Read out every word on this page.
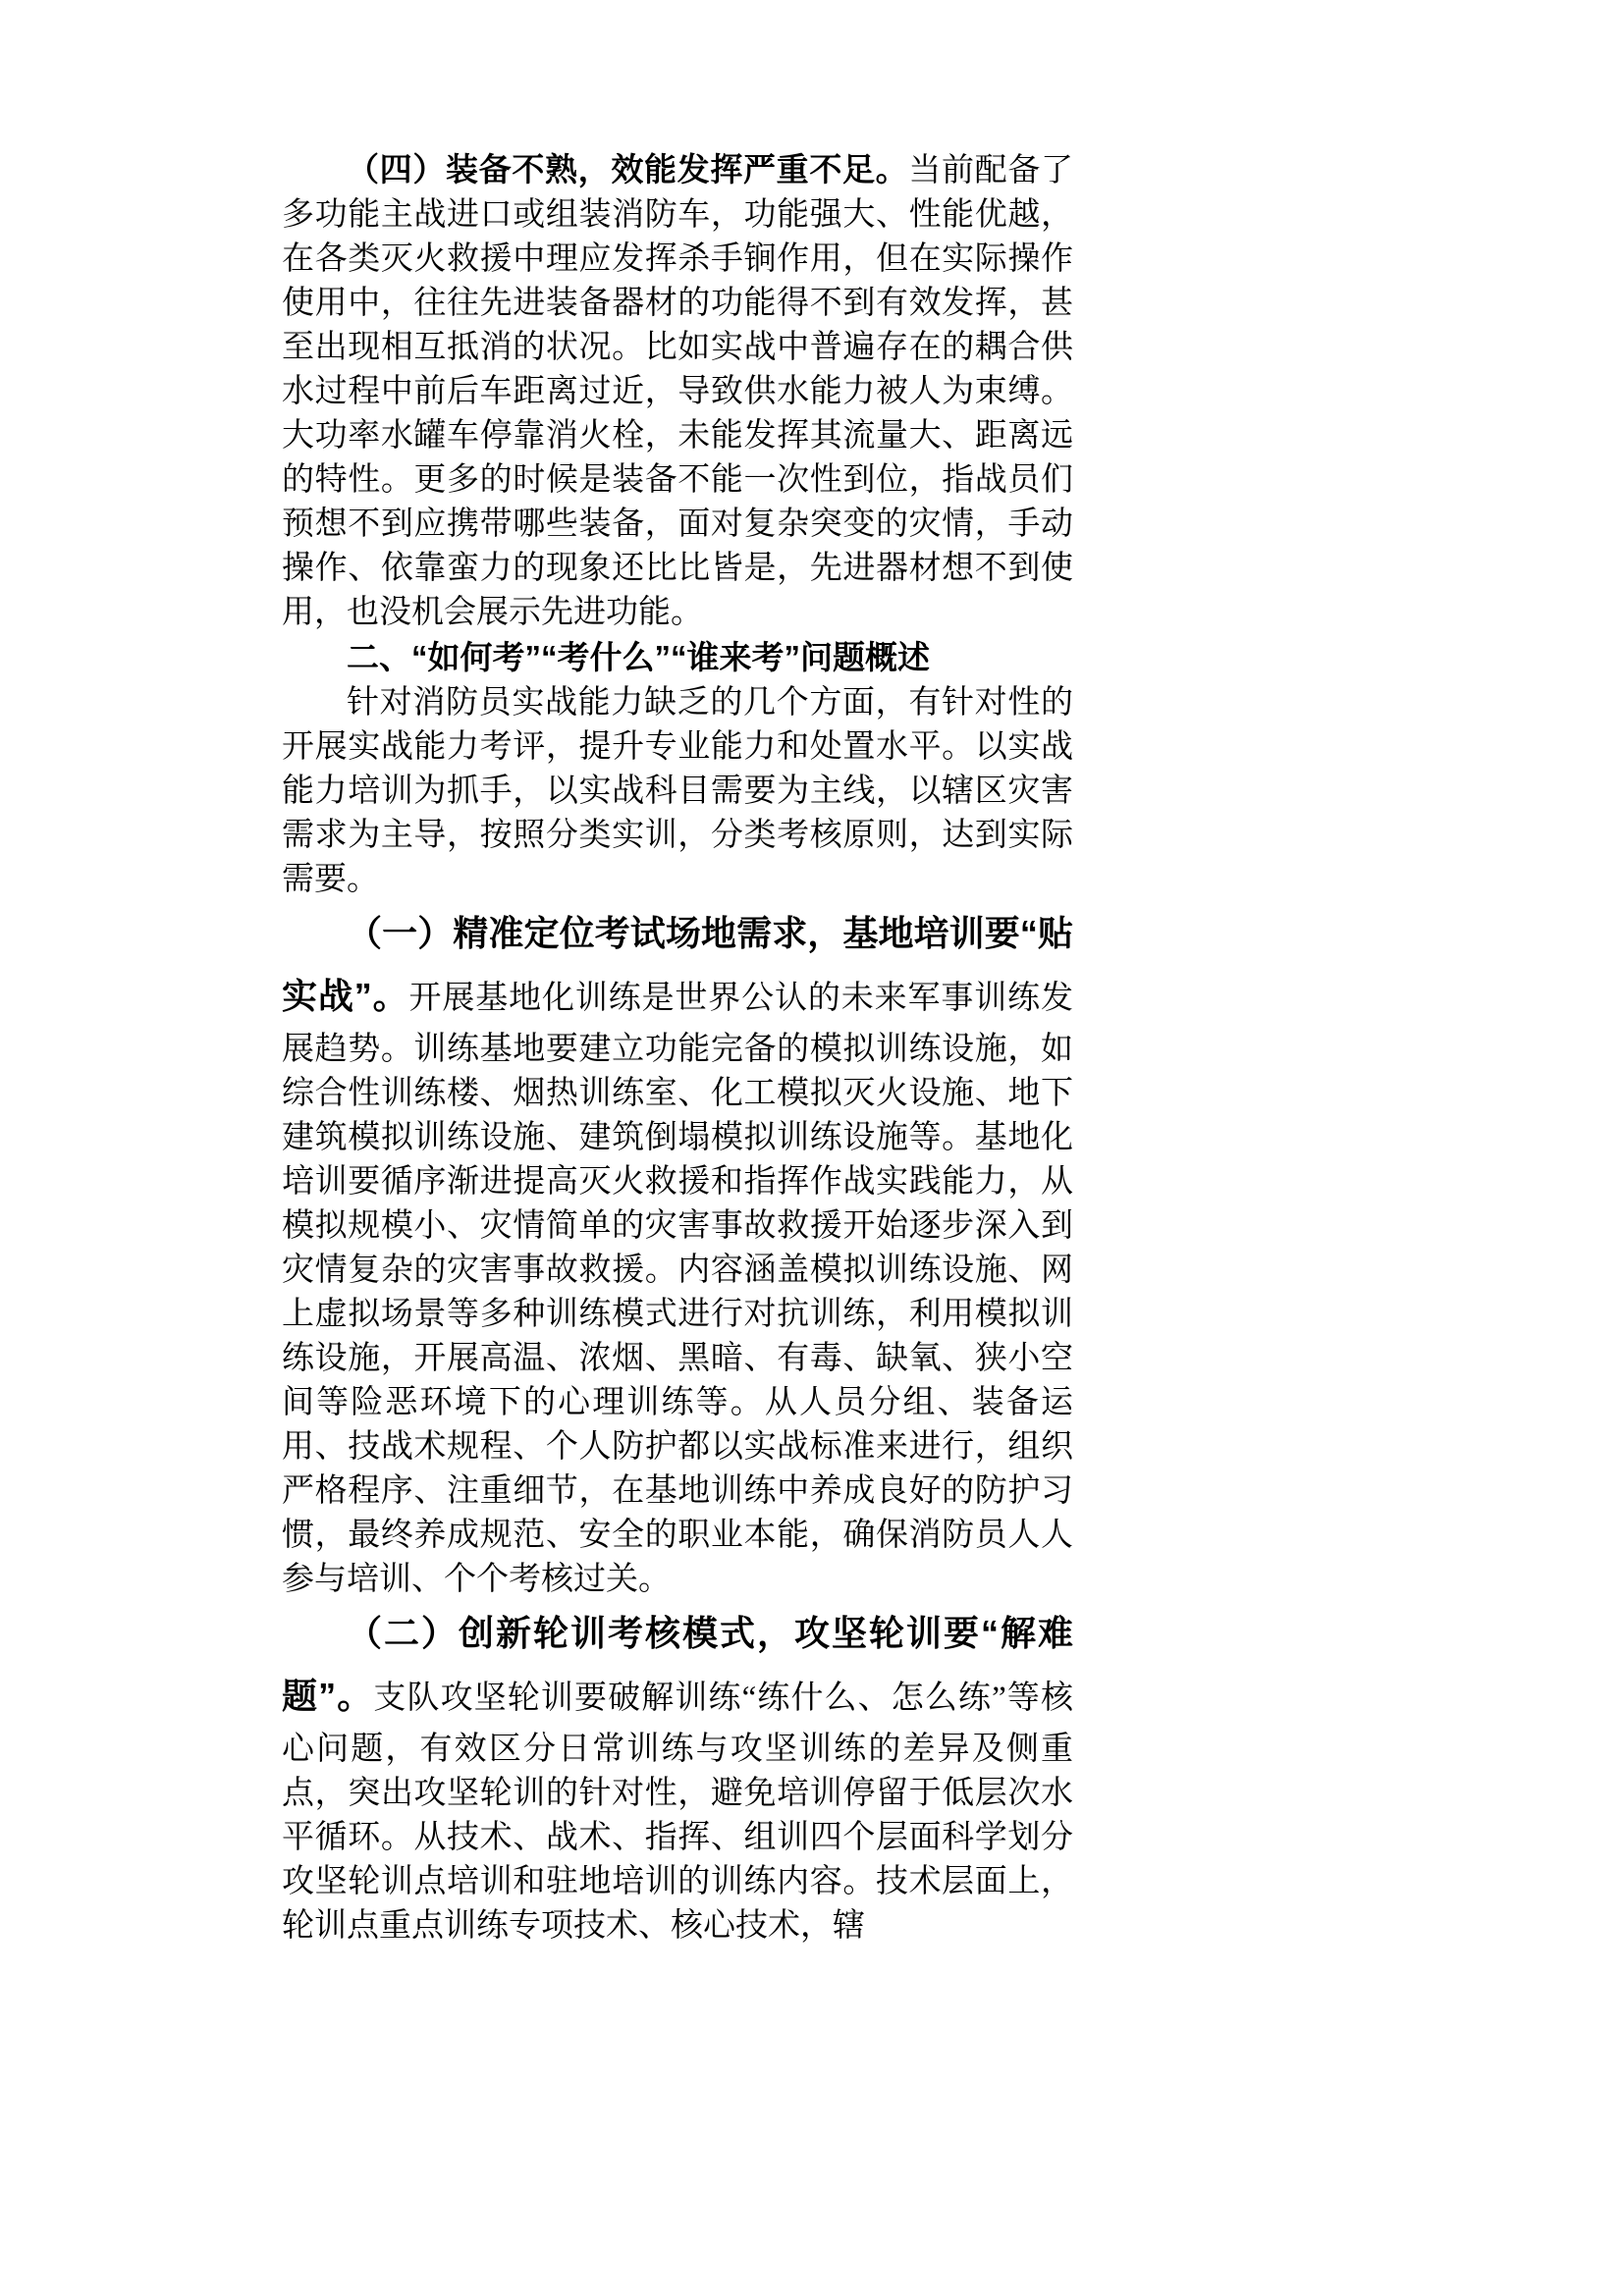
（四）装备不熟，效能发挥严重不足。当前配备了多功能主战进口或组装消防车，功能强大、性能优越，在各类灭火救援中理应发挥杀手锏作用，但在实际操作使用中，往往先进装备器材的功能得不到有效发挥，甚至出现相互抵消的状况。比如实战中普遍存在的耦合供水过程中前后车距离过近，导致供水能力被人为束缚。大功率水罐车停靠消火栓，未能发挥其流量大、距离远的特性。更多的时候是装备不能一次性到位，指战员们预想不到应携带哪些装备，面对复杂突变的灾情，手动操作、依靠蛮力的现象还比比皆是，先进器材想不到使用，也没机会展示先进功能。

二、“如何考”“考什么”“谁来考”问题概述

针对消防员实战能力缺乏的几个方面，有针对性的开展实战能力考评，提升专业能力和处置水平。以实战能力培训为抓手，以实战科目需要为主线，以辖区灾害需求为主导，按照分类实训，分类考核原则，达到实际需要。

（一）精准定位考试场地需求，基地培训要“贴实战”。开展基地化训练是世界公认的未来军事训练发展趋势。训练基地要建立功能完备的模拟训练设施，如综合性训练楼、烟热训练室、化工模拟灭火设施、地下建筑模拟训练设施、建筑倒塌模拟训练设施等。基地化培训要循序渐进提高灭火救援和指挥作战实践能力，从模拟规模小、灾情简单的灾害事故救援开始逐步深入到灾情复杂的灾害事故救援。内容涵盖模拟训练设施、网上虚拟场景等多种训练模式进行对抗训练，利用模拟训练设施，开展高温、浓烟、黑暗、有毒、缺氧、狭小空间等险恶环境下的心理训练等。从人员分组、装备运用、技战术规程、个人防护都以实战标准来进行，组织严格程序、注重细节，在基地训练中养成良好的防护习惯，最终养成规范、安全的职业本能，确保消防员人人参与培训、个个考核过关。

（二）创新轮训考核模式，攻坚轮训要“解难题”。支队攻坚轮训要破解训练“练什么、怎么练”等核心问题，有效区分日常训练与攻坚训练的差异及侧重点，突出攻坚轮训的针对性，避免培训停留于低层次水平循环。从技术、战术、指挥、组训四个层面科学划分攻坚轮训点培训和驻地培训的训练内容。技术层面上，轮训点重点训练专项技术、核心技术，辖
